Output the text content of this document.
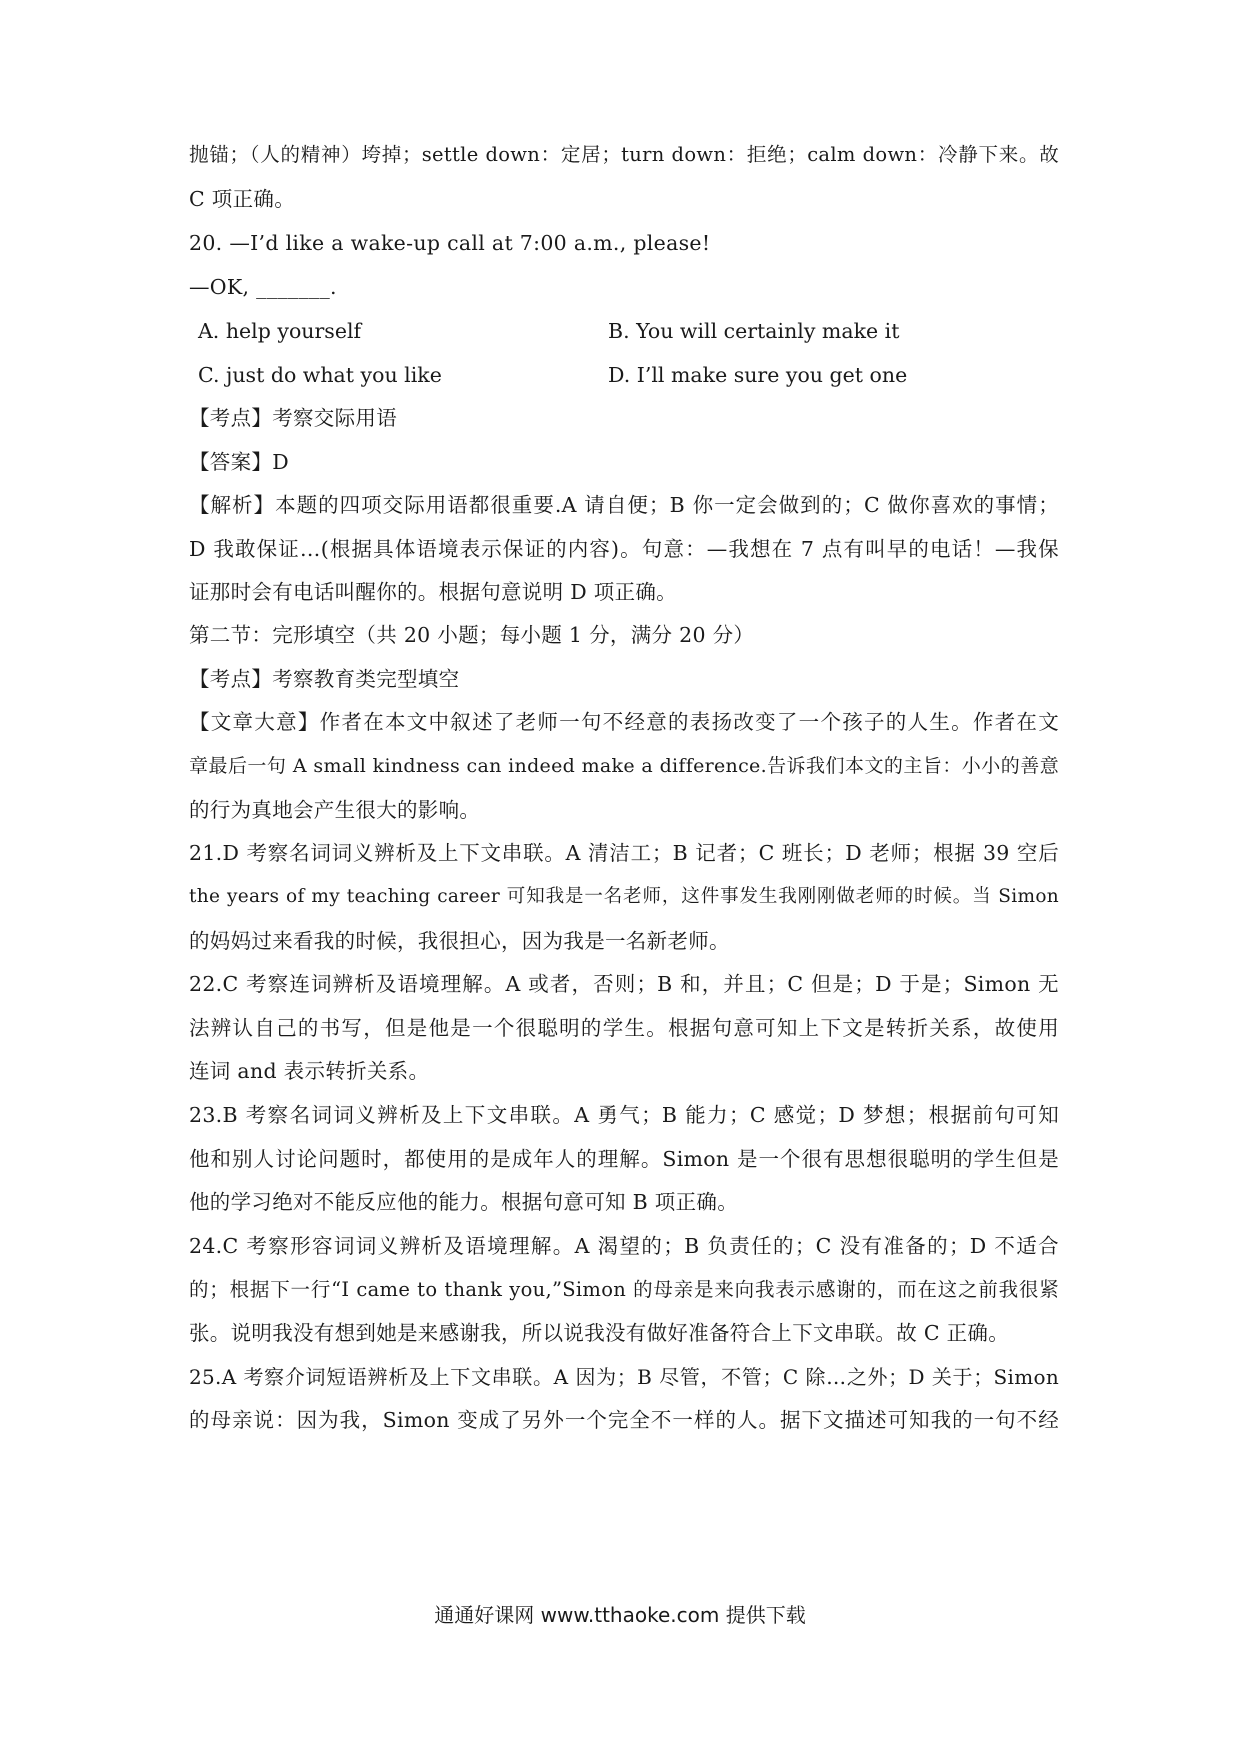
抛锚；（人的精神）垮掉；settle down：定居；turn down：拒绝；calm down：冷静下来。故
C 项正确。
20. —I’d like a wake-up call at 7:00 a.m., please!
—OK, _______.
A. help yourself	B. You will certainly make it
C. just do what you like	D. I’ll make sure you get one
【考点】考察交际用语
【答案】D
【解析】本题的四项交际用语都很重要.A 请自便；B 你一定会做到的；C 做你喜欢的事情；
D 我敢保证…(根据具体语境表示保证的内容)。句意：—我想在 7 点有叫早的电话！—我保
证那时会有电话叫醒你的。根据句意说明 D 项正确。
第二节：完形填空（共 20 小题；每小题 1 分，满分 20 分）
【考点】考察教育类完型填空
【文章大意】作者在本文中叙述了老师一句不经意的表扬改变了一个孩子的人生。作者在文
章最后一句 A small kindness can indeed make a difference.告诉我们本文的主旨：小小的善意
的行为真地会产生很大的影响。
21.D 考察名词词义辨析及上下文串联。A 清洁工；B 记者；C 班长；D 老师；根据 39 空后
the years of my teaching career 可知我是一名老师，这件事发生我刚刚做老师的时候。当 Simon
的妈妈过来看我的时候，我很担心，因为我是一名新老师。
22.C 考察连词辨析及语境理解。A 或者，否则；B 和，并且；C 但是；D 于是；Simon 无
法辨认自己的书写，但是他是一个很聪明的学生。根据句意可知上下文是转折关系，故使用
连词 and 表示转折关系。
23.B 考察名词词义辨析及上下文串联。A 勇气；B 能力；C 感觉；D 梦想；根据前句可知
他和别人讨论问题时，都使用的是成年人的理解。Simon 是一个很有思想很聪明的学生但是
他的学习绝对不能反应他的能力。根据句意可知 B 项正确。
24.C 考察形容词词义辨析及语境理解。A 渴望的；B 负责任的；C 没有准备的；D 不适合
的；根据下一行“I came to thank you,”Simon 的母亲是来向我表示感谢的，而在这之前我很紧
张。说明我没有想到她是来感谢我，所以说我没有做好准备符合上下文串联。故 C 正确。
25.A 考察介词短语辨析及上下文串联。A 因为；B 尽管，不管；C 除…之外；D 关于；Simon
的母亲说：因为我，Simon 变成了另外一个完全不一样的人。据下文描述可知我的一句不经
通通好课网 www.tthaoke.com 提供下载
